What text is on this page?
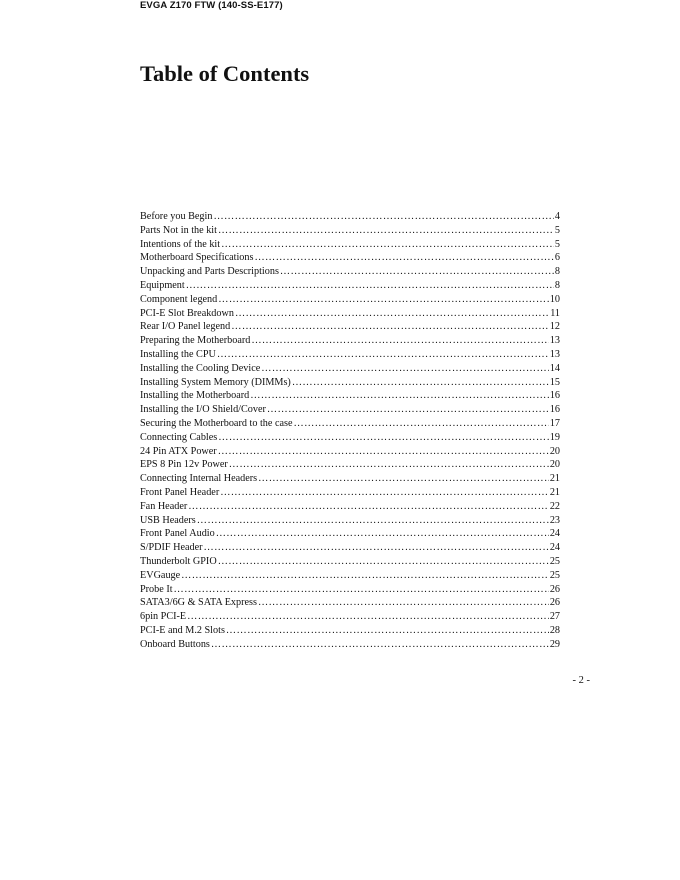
EVGA Z170 FTW (140-SS-E177)
Table of Contents
Before you Begin ……………………………………………………………………………………………………………………………………………………………………	4
Parts Not in the kit ……………………………………………………………………………………………………………………………………………………………………	5
Intentions of the kit ……………………………………………………………………………………………………………………………………………………………………	5
Motherboard Specifications ……………………………………………………………………………………………………………………………………………………………………	6
Unpacking and Parts Descriptions ……………………………………………………………………………………………………………………………………………………………………	8
Equipment ……………………………………………………………………………………………………………………………………………………………………	8
Component legend ……………………………………………………………………………………………………………………………………………………………………	10
PCI-E Slot Breakdown ……………………………………………………………………………………………………………………………………………………………………	11
Rear I/O Panel legend ……………………………………………………………………………………………………………………………………………………………………	12
Preparing the Motherboard ……………………………………………………………………………………………………………………………………………………………………	13
Installing the CPU ……………………………………………………………………………………………………………………………………………………………………	13
Installing the Cooling Device ……………………………………………………………………………………………………………………………………………………………………	14
Installing System Memory (DIMMs) ……………………………………………………………………………………………………………………………………………………………………	15
Installing the Motherboard ……………………………………………………………………………………………………………………………………………………………………	16
Installing the I/O Shield/Cover ……………………………………………………………………………………………………………………………………………………………………	16
Securing the Motherboard to the case ……………………………………………………………………………………………………………………………………………………………………	17
Connecting Cables ……………………………………………………………………………………………………………………………………………………………………	19
24 Pin ATX Power ……………………………………………………………………………………………………………………………………………………………………	20
EPS 8 Pin 12v Power ……………………………………………………………………………………………………………………………………………………………………	20
Connecting Internal Headers ……………………………………………………………………………………………………………………………………………………………………	21
Front Panel Header ……………………………………………………………………………………………………………………………………………………………………	21
Fan Header ……………………………………………………………………………………………………………………………………………………………………	22
USB Headers ……………………………………………………………………………………………………………………………………………………………………	23
Front Panel Audio ……………………………………………………………………………………………………………………………………………………………………	24
S/PDIF Header ……………………………………………………………………………………………………………………………………………………………………	24
Thunderbolt GPIO ……………………………………………………………………………………………………………………………………………………………………	25
EVGauge ……………………………………………………………………………………………………………………………………………………………………	25
Probe It ……………………………………………………………………………………………………………………………………………………………………	26
SATA3/6G & SATA Express ……………………………………………………………………………………………………………………………………………………………………	26
6pin PCI-E ……………………………………………………………………………………………………………………………………………………………………	27
PCI-E and M.2 Slots ……………………………………………………………………………………………………………………………………………………………………	28
Onboard Buttons ……………………………………………………………………………………………………………………………………………………………………	29
- 2 -
